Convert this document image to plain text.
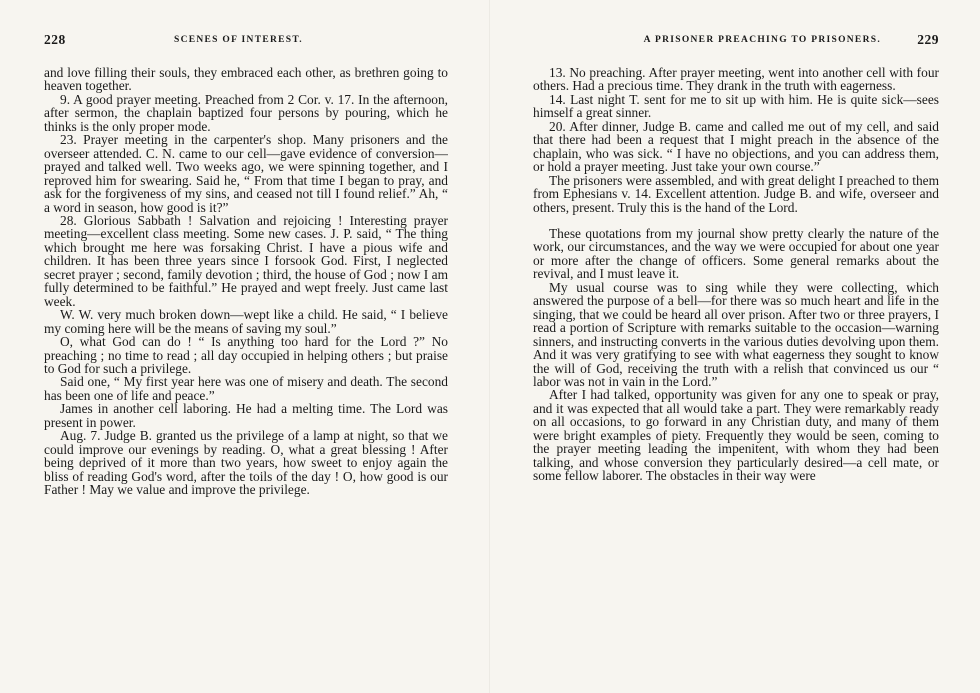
228	SCENES OF INTEREST.

and love filling their souls, they embraced each other, as brethren going to heaven together.

9. A good prayer meeting. Preached from 2 Cor. v. 17. In the afternoon, after sermon, the chaplain baptized four persons by pouring, which he thinks is the only proper mode.

23. Prayer meeting in the carpenter's shop. Many prisoners and the overseer attended. C. N. came to our cell—gave evidence of conversion—prayed and talked well. Two weeks ago, we were spinning together, and I reproved him for swearing. Said he, “ From that time I began to pray, and ask for the forgiveness of my sins, and ceased not till I found relief.” Ah, “ a word in season, how good is it?”

28. Glorious Sabbath ! Salvation and rejoicing ! Interesting prayer meeting—excellent class meeting. Some new cases. J. P. said, “ The thing which brought me here was forsaking Christ. I have a pious wife and children. It has been three years since I forsook God. First, I neglected secret prayer ; second, family devotion ; third, the house of God ; now I am fully determined to be faithful.” He prayed and wept freely. Just came last week.

W. W. very much broken down—wept like a child. He said, “ I believe my coming here will be the means of saving my soul.”

O, what God can do ! “ Is anything too hard for the Lord ?” No preaching ; no time to read ; all day occupied in helping others ; but praise to God for such a privilege.

Said one, “ My first year here was one of misery and death. The second has been one of life and peace.”

James in another cell laboring. He had a melting time. The Lord was present in power.

Aug. 7. Judge B. granted us the privilege of a lamp at night, so that we could improve our evenings by reading. O, what a great blessing ! After being deprived of it more than two years, how sweet to enjoy again the bliss of reading God's word, after the toils of the day ! O, how good is our Father ! May we value and improve the privilege.

A PRISONER PREACHING TO PRISONERS.	229

13. No preaching. After prayer meeting, went into another cell with four others. Had a precious time. They drank in the truth with eagerness.

14. Last night T. sent for me to sit up with him. He is quite sick—sees himself a great sinner.

20. After dinner, Judge B. came and called me out of my cell, and said that there had been a request that I might preach in the absence of the chaplain, who was sick. “ I have no objections, and you can address them, or hold a prayer meeting. Just take your own course.”

The prisoners were assembled, and with great delight I preached to them from Ephesians v. 14. Excellent attention. Judge B. and wife, overseer and others, present. Truly this is the hand of the Lord.

These quotations from my journal show pretty clearly the nature of the work, our circumstances, and the way we were occupied for about one year or more after the change of officers. Some general remarks about the revival, and I must leave it.

My usual course was to sing while they were collecting, which answered the purpose of a bell—for there was so much heart and life in the singing, that we could be heard all over prison. After two or three prayers, I read a portion of Scripture with remarks suitable to the occasion—warning sinners, and instructing converts in the various duties devolving upon them. And it was very gratifying to see with what eagerness they sought to know the will of God, receiving the truth with a relish that convinced us our “ labor was not in vain in the Lord.”

After I had talked, opportunity was given for any one to speak or pray, and it was expected that all would take a part. They were remarkably ready on all occasions, to go forward in any Christian duty, and many of them were bright examples of piety. Frequently they would be seen, coming to the prayer meeting leading the impenitent, with whom they had been talking, and whose conversion they particularly desired—a cell mate, or some fellow laborer. The obstacles in their way were
